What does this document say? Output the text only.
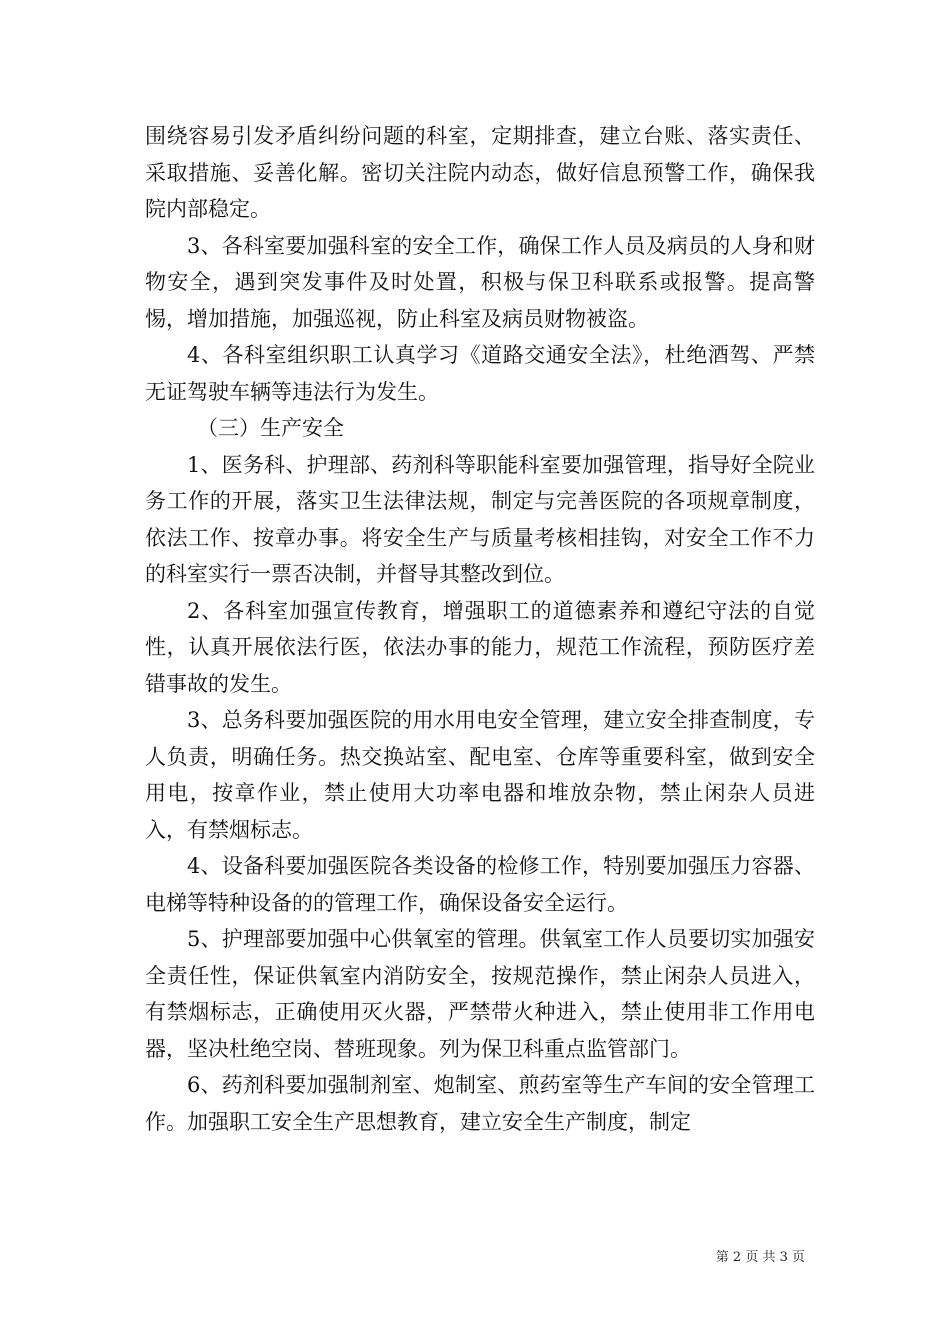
围绕容易引发矛盾纠纷问题的科室，定期排查，建立台账、落实责任、采取措施、妥善化解。密切关注院内动态，做好信息预警工作，确保我院内部稳定。

3、各科室要加强科室的安全工作，确保工作人员及病员的人身和财物安全，遇到突发事件及时处置，积极与保卫科联系或报警。提高警惕，增加措施，加强巡视，防止科室及病员财物被盗。

4、各科室组织职工认真学习《道路交通安全法》，杜绝酒驾、严禁无证驾驶车辆等违法行为发生。

（三）生产安全

1、医务科、护理部、药剂科等职能科室要加强管理，指导好全院业务工作的开展，落实卫生法律法规，制定与完善医院的各项规章制度，依法工作、按章办事。将安全生产与质量考核相挂钩，对安全工作不力的科室实行一票否决制，并督导其整改到位。

2、各科室加强宣传教育，增强职工的道德素养和遵纪守法的自觉性，认真开展依法行医，依法办事的能力，规范工作流程，预防医疗差错事故的发生。

3、总务科要加强医院的用水用电安全管理，建立安全排查制度，专人负责，明确任务。热交换站室、配电室、仓库等重要科室，做到安全用电，按章作业，禁止使用大功率电器和堆放杂物，禁止闲杂人员进入，有禁烟标志。

4、设备科要加强医院各类设备的检修工作，特别要加强压力容器、电梯等特种设备的的管理工作，确保设备安全运行。

5、护理部要加强中心供氧室的管理。供氧室工作人员要切实加强安全责任性，保证供氧室内消防安全，按规范操作，禁止闲杂人员进入，有禁烟标志，正确使用灭火器，严禁带火种进入，禁止使用非工作用电器，坚决杜绝空岗、替班现象。列为保卫科重点监管部门。

6、药剂科要加强制剂室、炮制室、煎药室等生产车间的安全管理工作。加强职工安全生产思想教育，建立安全生产制度，制定

第 2 页 共 3 页
